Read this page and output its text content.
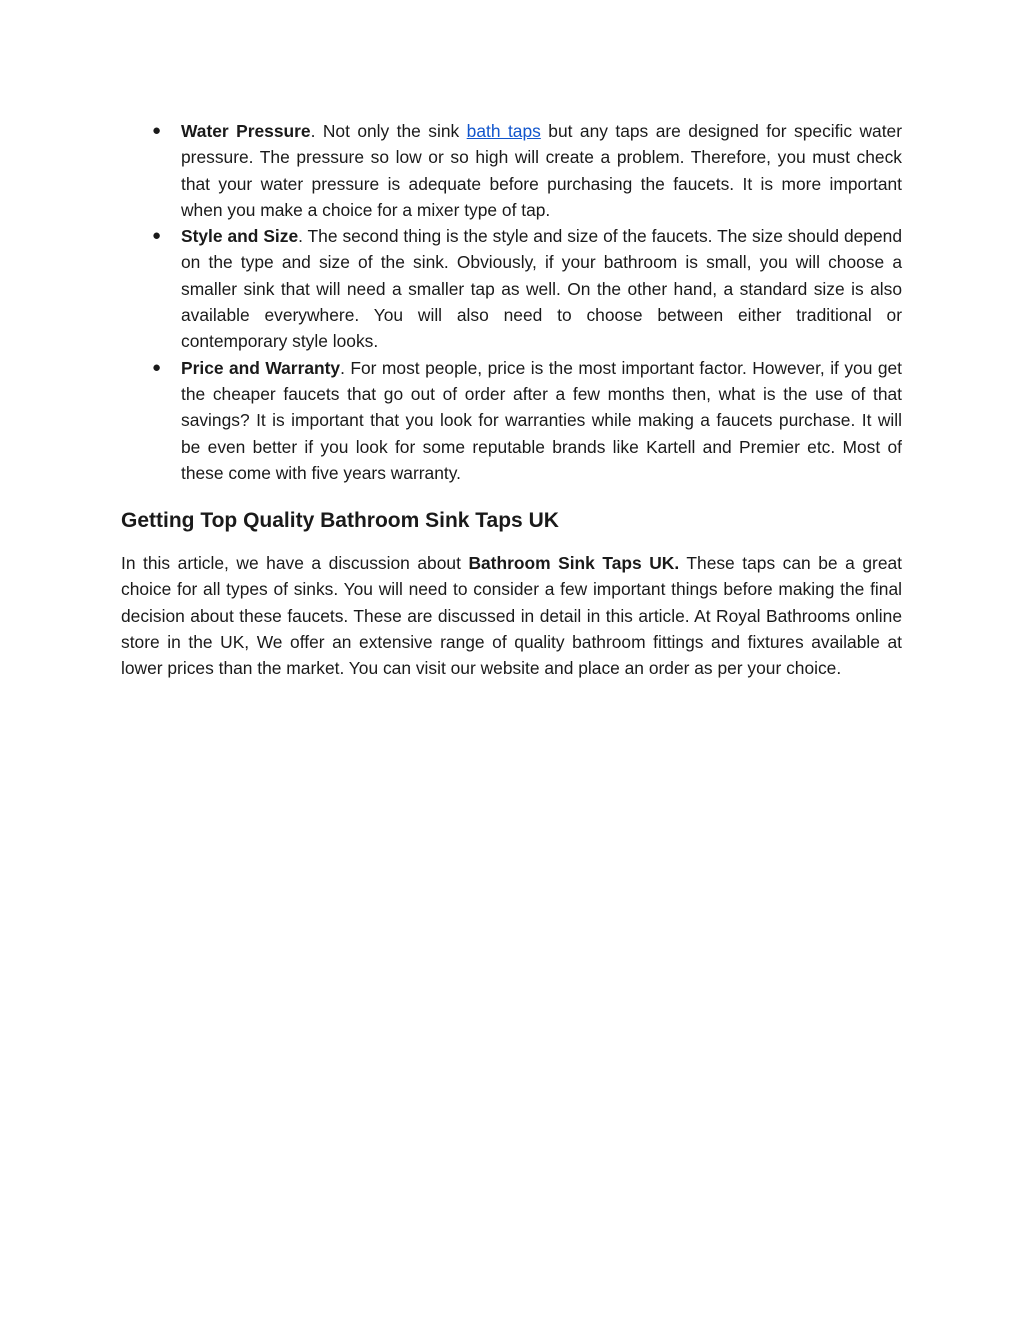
● Water Pressure. Not only the sink bath taps but any taps are designed for specific water pressure. The pressure so low or so high will create a problem. Therefore, you must check that your water pressure is adequate before purchasing the faucets. It is more important when you make a choice for a mixer type of tap.
● Style and Size. The second thing is the style and size of the faucets. The size should depend on the type and size of the sink. Obviously, if your bathroom is small, you will choose a smaller sink that will need a smaller tap as well. On the other hand, a standard size is also available everywhere. You will also need to choose between either traditional or contemporary style looks.
● Price and Warranty. For most people, price is the most important factor. However, if you get the cheaper faucets that go out of order after a few months then, what is the use of that savings? It is important that you look for warranties while making a faucets purchase. It will be even better if you look for some reputable brands like Kartell and Premier etc. Most of these come with five years warranty.
Getting Top Quality Bathroom Sink Taps UK

In this article, we have a discussion about Bathroom Sink Taps UK. These taps can be a great choice for all types of sinks. You will need to consider a few important things before making the final decision about these faucets. These are discussed in detail in this article. At Royal Bathrooms online store in the UK, We offer an extensive range of quality bathroom fittings and fixtures available at lower prices than the market. You can visit our website and place an order as per your choice.
